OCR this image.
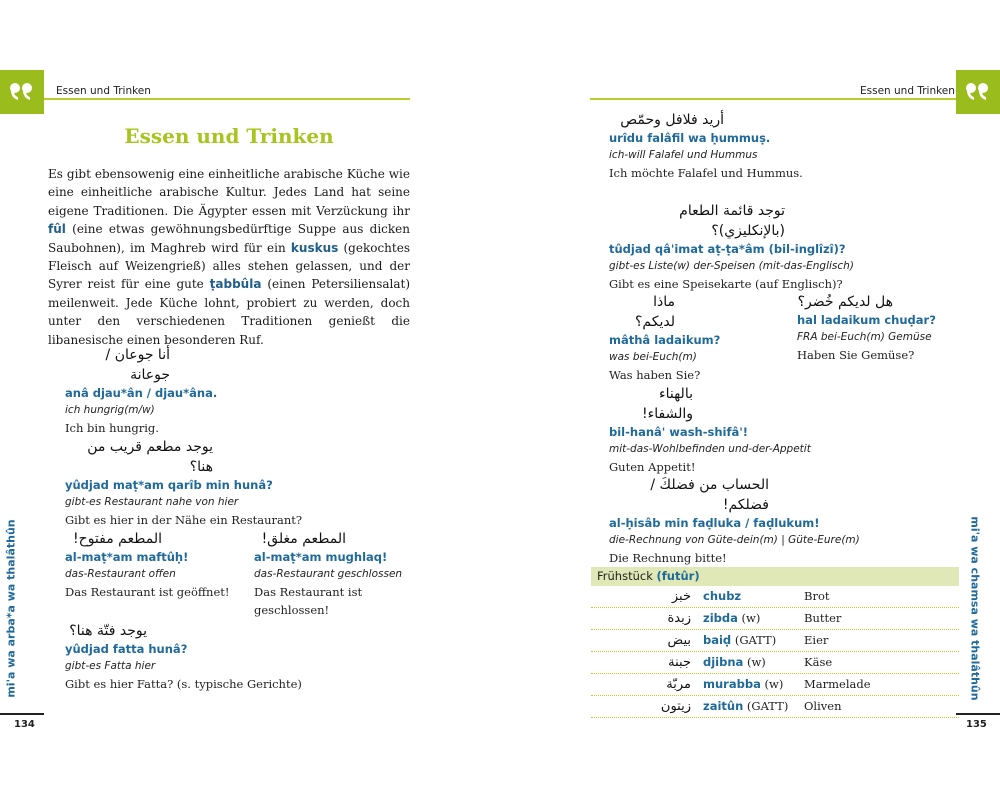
Essen und Trinken	Essen und Trinken
Essen und Trinken
Es gibt ebensowenig eine einheitliche arabische Küche wie eine einheitliche arabische Kultur. Jedes Land hat seine eigene Traditionen. Die Ägypter essen mit Verzückung ihr fûl (eine etwas gewöhnungsbedürftige Suppe aus dicken Saubohnen), im Maghreb wird für ein kuskus (gekochtes Fleisch auf Weizengrieß) alles stehen gelassen, und der Syrer reist für eine gute ṭabbûla (einen Petersiliensalat) meilenweit. Jede Küche lohnt, probiert zu werden, doch unter den verschiedenen Traditionen genießt die libanesische einen besonderen Ruf.
أنا جوعان / جوعانة
anâ djau*ân / djau*âna.
ich hungrig(m/w)
Ich bin hungrig.
يوجد مطعم قريب من هنا؟
yûdjad maṭ*am qarîb min hunâ?
gibt-es Restaurant nahe von hier
Gibt es hier in der Nähe ein Restaurant?
المطعم مفتوح!
al-maṭ*am maftûḥ!
das-Restaurant offen
Das Restaurant ist geöffnet!
المطعم مغلق!
al-maṭ*am mughlaq!
das-Restaurant geschlossen
Das Restaurant ist geschlossen!
يوجد فتّة هنا؟
yûdjad fatta hunâ?
gibt-es Fatta hier
Gibt es hier Fatta? (s. typische Gerichte)
mi'a wa arba*a wa thalâthûn
134
أريد فلافل وحمّص
urîdu falâfil wa ḥummuṣ.
ich-will Falafel und Hummus
Ich möchte Falafel und Hummus.
توجد قائمة الطعام (بالإنكليزي)؟
tûdjad qâ'imat aṭ-ṭa*âm (bil-inglîzî)?
gibt-es Liste(w) der-Speisen (mit-das-Englisch)
Gibt es eine Speisekarte (auf Englisch)?
ماذا لديكم؟
mâthâ ladaikum?
was bei-Euch(m)
Was haben Sie?
هل لديكم خُضر؟
hal ladaikum chuḍar?
FRA bei-Euch(m) Gemüse
Haben Sie Gemüse?
بالهناء والشفاء!
bil-hanâ' wash-shifâ'!
mit-das-Wohlbefinden und-der-Appetit
Guten Appetit!
الحساب من فضلكَ / فضلكم!
al-ḥisâb min faḍluka / faḍlukum!
die-Rechnung von Güte-dein(m) | Güte-Eure(m)
Die Rechnung bitte!
Frühstück (futûr)
خبز chubz	Brot
زبدة zibda (w)	Butter
بيض baiḍ (GATT) Eier
جبنة djibna (w)	Käse
مربّة murabba (w) Marmelade
زيتون zaitûn (GATT) Oliven
mi'a wa chamsa wa thalâthûn
135
